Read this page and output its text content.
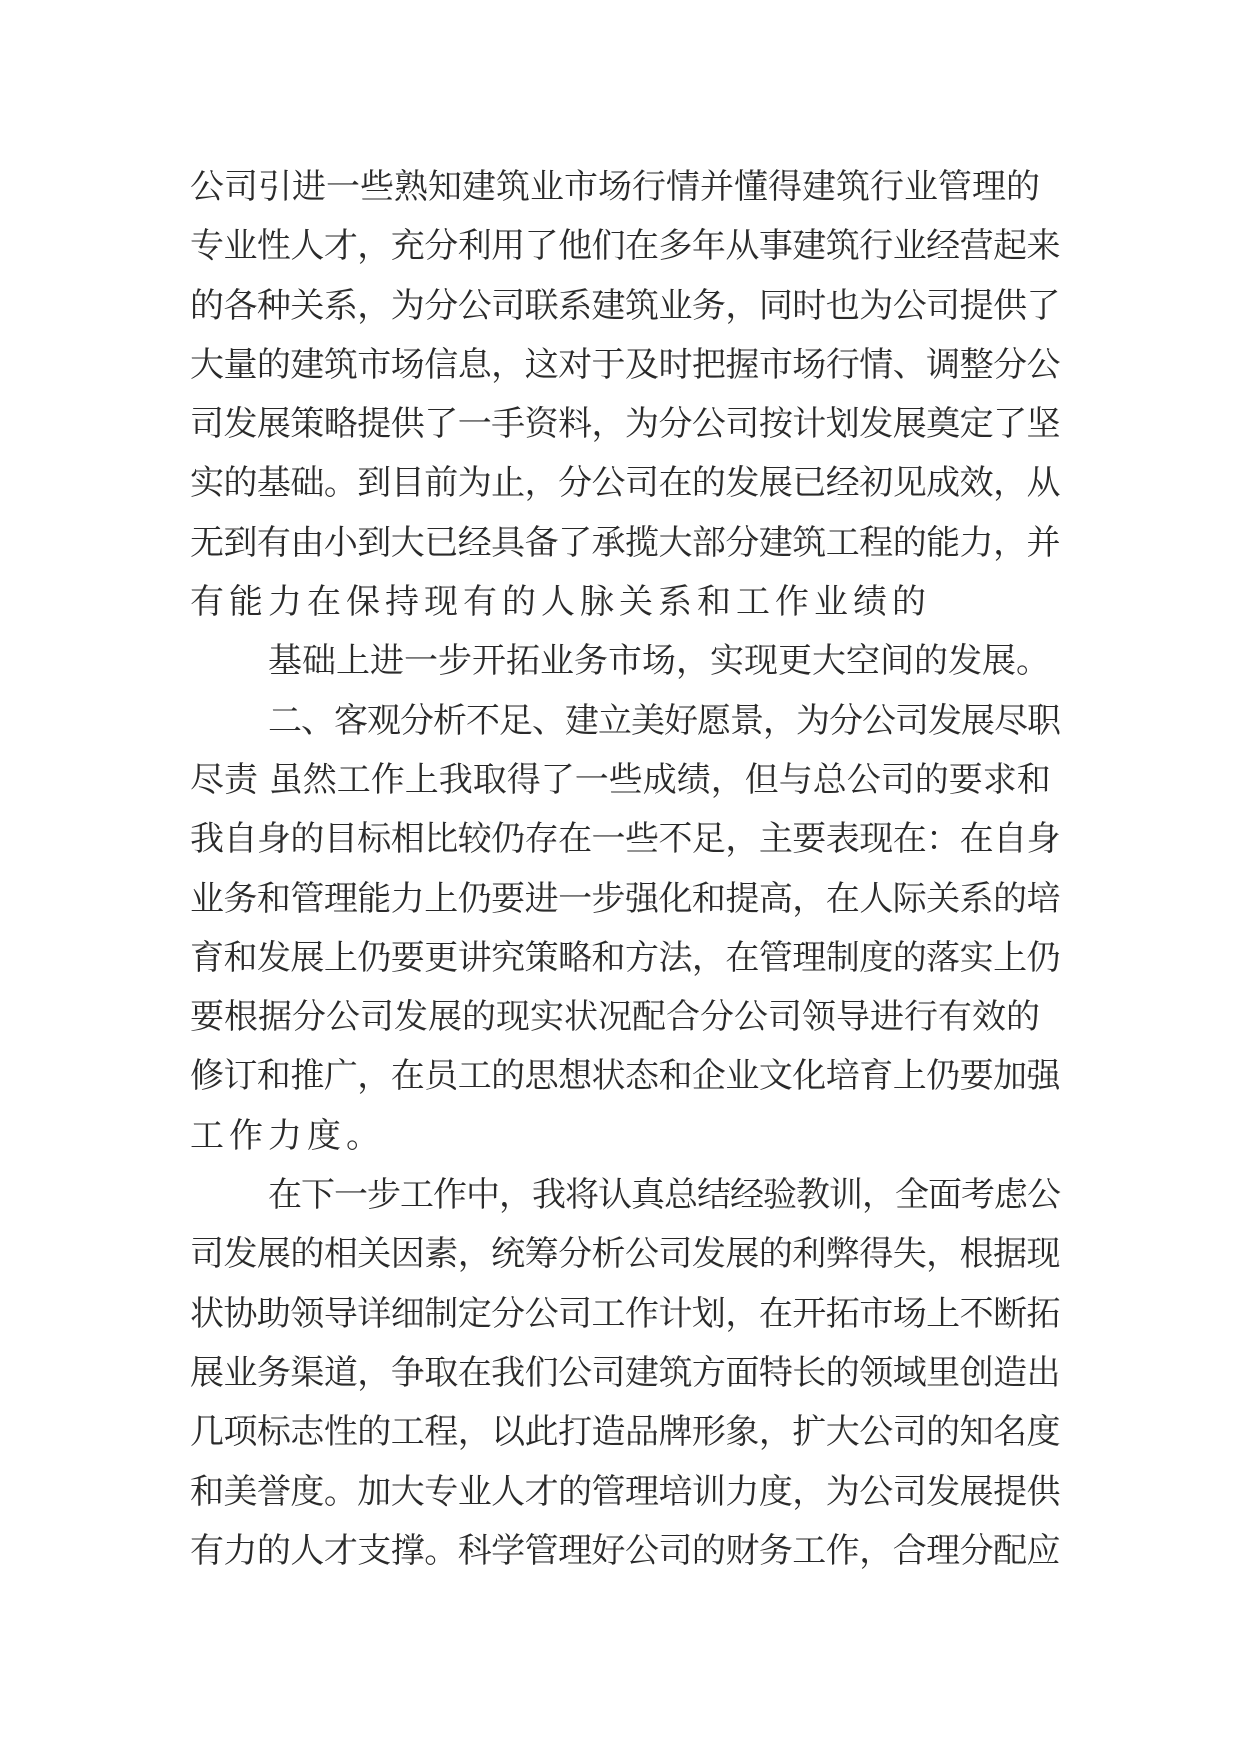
公司引进一些熟知建筑业市场行情并懂得建筑行业管理的
专业性人才，充分利用了他们在多年从事建筑行业经营起来
的各种关系，为分公司联系建筑业务，同时也为公司提供了
大量的建筑市场信息，这对于及时把握市场行情、调整分公
司发展策略提供了一手资料，为分公司按计划发展奠定了坚
实的基础。到目前为止，分公司在的发展已经初见成效，从
无到有由小到大已经具备了承揽大部分建筑工程的能力，并
有能力在保持现有的人脉关系和工作业绩的
基础上进一步开拓业务市场，实现更大空间的发展。
二、客观分析不足、建立美好愿景，为分公司发展尽职
尽责 虽然工作上我取得了一些成绩，但与总公司的要求和
我自身的目标相比较仍存在一些不足，主要表现在：在自身
业务和管理能力上仍要进一步强化和提高，在人际关系的培
育和发展上仍要更讲究策略和方法，在管理制度的落实上仍
要根据分公司发展的现实状况配合分公司领导进行有效的
修订和推广，在员工的思想状态和企业文化培育上仍要加强
工作力度。
在下一步工作中，我将认真总结经验教训，全面考虑公
司发展的相关因素，统筹分析公司发展的利弊得失，根据现
状协助领导详细制定分公司工作计划，在开拓市场上不断拓
展业务渠道，争取在我们公司建筑方面特长的领域里创造出
几项标志性的工程，以此打造品牌形象，扩大公司的知名度
和美誉度。加大专业人才的管理培训力度，为公司发展提供
有力的人才支撑。科学管理好公司的财务工作，合理分配应
